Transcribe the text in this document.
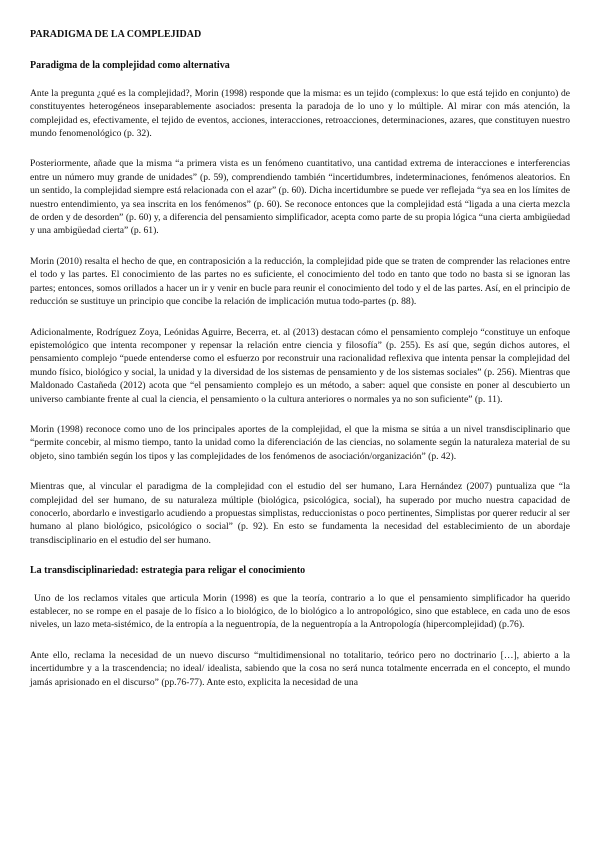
PARADIGMA DE LA COMPLEJIDAD
Paradigma de la complejidad como alternativa

Ante la pregunta ¿qué es la complejidad?, Morin (1998) responde que la misma: es un tejido (complexus: lo que está tejido en conjunto) de constituyentes heterogéneos inseparablemente asociados: presenta la paradoja de lo uno y lo múltiple. Al mirar con más atención, la complejidad es, efectivamente, el tejido de eventos, acciones, interacciones, retroacciones, determinaciones, azares, que constituyen nuestro mundo fenomenológico (p. 32).

Posteriormente, añade que la misma “a primera vista es un fenómeno cuantitativo, una cantidad extrema de interacciones e interferencias entre un número muy grande de unidades” (p. 59), comprendiendo también “incertidumbres, indeterminaciones, fenómenos aleatorios. En un sentido, la complejidad siempre está relacionada con el azar” (p. 60). Dicha incertidumbre se puede ver reflejada “ya sea en los límites de nuestro entendimiento, ya sea inscrita en los fenómenos” (p. 60). Se reconoce entonces que la complejidad está “ligada a una cierta mezcla de orden y de desorden” (p. 60) y, a diferencia del pensamiento simplificador, acepta como parte de su propia lógica “una cierta ambigüedad y una ambigüedad cierta” (p. 61).

Morin (2010) resalta el hecho de que, en contraposición a la reducción, la complejidad pide que se traten de comprender las relaciones entre el todo y las partes. El conocimiento de las partes no es suficiente, el conocimiento del todo en tanto que todo no basta si se ignoran las partes; entonces, somos orillados a hacer un ir y venir en bucle para reunir el conocimiento del todo y el de las partes. Así, en el principio de reducción se sustituye un principio que concibe la relación de implicación mutua todo-partes (p. 88).

Adicionalmente, Rodríguez Zoya, Leónidas Aguirre, Becerra, et. al (2013) destacan cómo el pensamiento complejo “constituye un enfoque epistemológico que intenta recomponer y repensar la relación entre ciencia y filosofía” (p. 255). Es así que, según dichos autores, el pensamiento complejo “puede entenderse como el esfuerzo por reconstruir una racionalidad reflexiva que intenta pensar la complejidad del mundo físico, biológico y social, la unidad y la diversidad de los sistemas de pensamiento y de los sistemas sociales” (p. 256). Mientras que Maldonado Castañeda (2012) acota que “el pensamiento complejo es un método, a saber: aquel que consiste en poner al descubierto un universo cambiante frente al cual la ciencia, el pensamiento o la cultura anteriores o normales ya no son suficiente” (p. 11).

Morin (1998) reconoce como uno de los principales aportes de la complejidad, el que la misma se sitúa a un nivel transdisciplinario que “permite concebir, al mismo tiempo, tanto la unidad como la diferenciación de las ciencias, no solamente según la naturaleza material de su objeto, sino también según los tipos y las complejidades de los fenómenos de asociación/organización” (p. 42).

Mientras que, al vincular el paradigma de la complejidad con el estudio del ser humano, Lara Hernández (2007) puntualiza que “la complejidad del ser humano, de su naturaleza múltiple (biológica, psicológica, social), ha superado por mucho nuestra capacidad de conocerlo, abordarlo e investigarlo acudiendo a propuestas simplistas, reduccionistas o poco pertinentes, Simplistas por querer reducir al ser humano al plano biológico, psicológico o social” (p. 92). En esto se fundamenta la necesidad del establecimiento de un abordaje transdisciplinario en el estudio del ser humano.

La transdisciplinariedad: estrategia para religar el conocimiento

Uno de los reclamos vitales que articula Morin (1998) es que la teoría, contrario a lo que el pensamiento simplificador ha querido establecer, no se rompe en el pasaje de lo físico a lo biológico, de lo biológico a lo antropológico, sino que establece, en cada uno de esos niveles, un lazo meta-sistémico, de la entropía a la neguentropía, de la neguentropía a la Antropología (hipercomplejidad) (p.76).

Ante ello, reclama la necesidad de un nuevo discurso “multidimensional no totalitario, teórico pero no doctrinario […], abierto a la incertidumbre y a la trascendencia; no ideal/ idealista, sabiendo que la cosa no será nunca totalmente encerrada en el concepto, el mundo jamás aprisionado en el discurso” (pp.76-77). Ante esto, explicita la necesidad de una
